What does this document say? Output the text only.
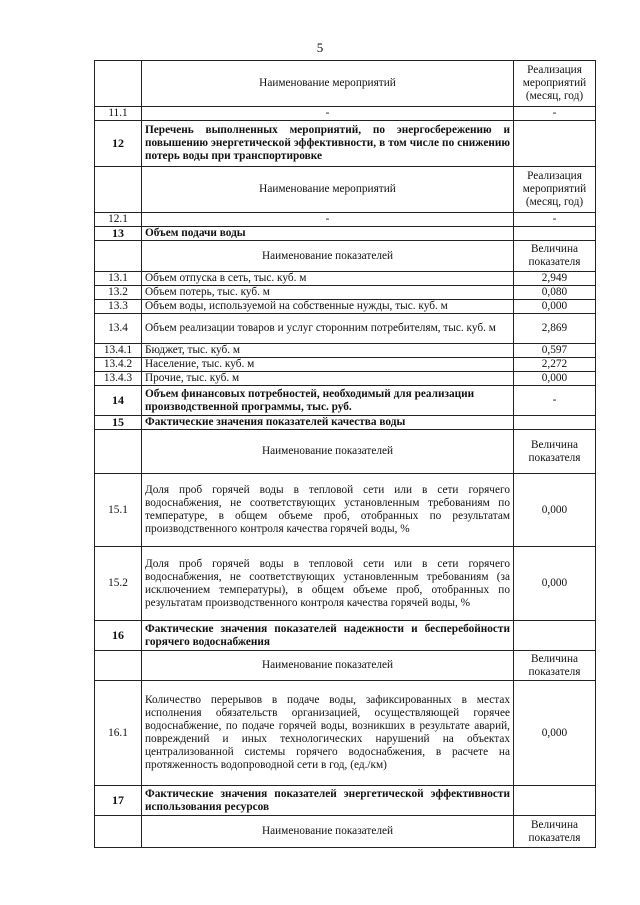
5
	Наименование мероприятий	Реализация мероприятий (месяц, год)
11.1	-	-
12	Перечень выполненных мероприятий, по энергосбережению и повышению энергетической эффективности, в том числе по снижению потерь воды при транспортировке	
	Наименование мероприятий	Реализация мероприятий (месяц, год)
12.1	-	-
13	Объем подачи воды	
	Наименование показателей	Величина показателя
13.1	Объем отпуска в сеть, тыс. куб. м	2,949
13.2	Объем потерь, тыс. куб. м	0,080
13.3	Объем воды, используемой на собственные нужды, тыс. куб. м	0,000
13.4	Объем реализации товаров и услуг сторонним потребителям, тыс. куб. м	2,869
13.4.1	Бюджет, тыс. куб. м	0,597
13.4.2	Население, тыс. куб. м	2,272
13.4.3	Прочие, тыс. куб. м	0,000
14	Объем финансовых потребностей, необходимый для реализации производственной программы, тыс. руб.	-
15	Фактические значения показателей качества воды	
	Наименование показателей	Величина показателя
15.1	Доля проб горячей воды в тепловой сети или в сети горячего водоснабжения, не соответствующих установленным требованиям по температуре, в общем объеме проб, отобранных по результатам производственного контроля качества горячей воды, %	0,000
15.2	Доля проб горячей воды в тепловой сети или в сети горячего водоснабжения, не соответствующих установленным требованиям (за исключением температуры), в общем объеме проб, отобранных по результатам производственного контроля качества горячей воды, %	0,000
16	Фактические значения показателей надежности и бесперебойности горячего водоснабжения	
	Наименование показателей	Величина показателя
16.1	Количество перерывов в подаче воды, зафиксированных в местах исполнения обязательств организацией, осуществляющей горячее водоснабжение, по подаче горячей воды, возникших в результате аварий, повреждений и иных технологических нарушений на объектах централизованной системы горячего водоснабжения, в расчете на протяженность водопроводной сети в год, (ед./км)	0,000
17	Фактические значения показателей энергетической эффективности использования ресурсов	
	Наименование показателей	Величина показателя
